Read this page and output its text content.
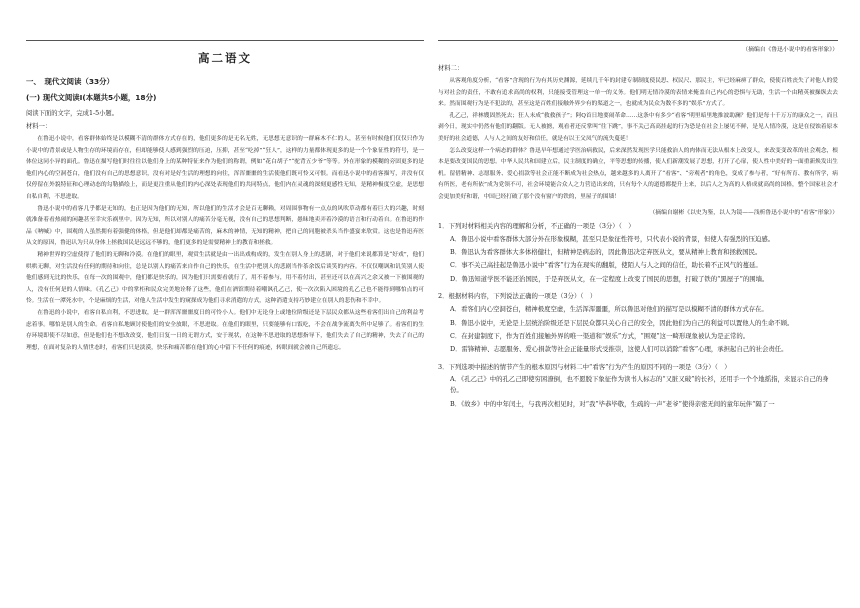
高二语文
一、　现代文阅读（33分）
(一) 现代文阅读Ⅰ(本题共5小题，18分)
阅读下面的文字，完成1-5小题。
材料一：

在鲁迅小说中，看客群体始终是以模糊不清的群体方式存在的，他们更多的是无名无姓，无思想无意识的一群麻木不仁的人，甚至有时候他们仅仅只作为小说中的背景或是人物生存的环境而存在，但却能够使人感到强烈的压迫，压抑，甚至“吃掉”“狂人”，这样的力量都体现更多的是一个个象征性的符号，是一体位这同小异的面孔。鲁迅在描写他们时往往以他们身上的某种特征来作为他们的称谓，例如“花白胡子”“驼背五少爷”等等。外在形象的模糊的旁固更多的是他们内心的空洞苍白，他们没有自己的思想意识，没有对是好生活的理想的向往，浑浑噩噩的生活使他们既可怜又可恨。而看迅小说中的看客描写，并没有仅仅停留在外貌特征和心理动态的勾勒描绘上，而是更注重从他们的内心深处表现他们的共同特点，他们内在灵魂的深刻更感性无知，是精神极度空虚，是思想自私自利，不思进取。

鲁迅小说中的看客几乎都是无知的，也正是因为他们的无知，所以他们的生活才会是百无聊赖，对周围事物有一点点的风吹草动都有着巨大的兴趣，时刻就准备着看热闹的闲趣甚至幸灾乐祸里中。因为无知，所以对别人的痛苦分毫无视，没有自己的思想判断，愚昧地卖弄着冷漠的语言和行动着自。在鲁迅的作品《呐喊》中，围观的人虽然拥有着强健的体格，但是他们却都是痛苦的，麻木的神情，无知的精神，把自己的同胞被杀头当作盛宴来欣赏。这也是鲁迅弃医从文的原因，鲁迅认为只从身体上拯救国民是远远不够的，他们更多的是需要精神上的教育和拯救。

精神世界的空虚使得了他们的无聊和冷漠。在他们的眼里，观赏生活就是由一出出戏构成的，发生在别人身上的悲剧，对于他们来说都算是“好戏”，他们哄哄无聊，对生活没有任何的期待和向往，总是以别人的痛苦来自作自己的快乐，在生活中把别人的悲剧当作茶余饭后谈笑的内容。不仅仅嘲讽和讥笑别人使他们感到无比的快乐，在每一次的围观中，他们都是快乐的，因为他们只需要看就行了，用不着参与，用不着付出，甚至还可以在高兴之余又被一下被围观的人，没有任何是的人情味。《孔乙己》中的掌柜和民众完美地诠释了这些，他们在酒馆期待着嘲讽孔乙己，使一次次陷入困境的孔乙己也不能得到哪怕点的可怜。生活在一潭死水中，个是麻烦的生活，对他人生活中发生的窥探成为他们寻求消遣的方式，这种消遣支持巧妙建立在别人的悲伤和不幸中。

在鲁迅的小说中，看客自私自利，不思进取，是一群浑浑噩噩度日的可怜小人。他们中无论身上或地位阶级还是下层民众都从这些看客们出自己的利益考虑着事。哪怕是别人的生命。看客自私地顾讨使他们的安全放眼，不思进取。在他们的眼里，只要能够有口饭吃，不会在战争流离失所中足够了。看客们的生存环境即使不尽如意，但是他们也不想改改变，他们日复一日的无谓方式，安于现状，在这种不思进取的思想指导下，他们失去了自己的精神，失去了自己的理想，在面对复杂的人情世态时，看客们只是淡漠，快乐和痛苦都在他们的心中留下不任何的痕迹，转眼间就会被自己所遗忘。

（摘编自《鲁迅小说中的看客形象》）
材料二：

从客观角度分析，“看客”含现的行为有其历史渊源，延续几千年的封建专制制度使民思、权民尺、那民主，牢已经麻痹了群众，使使百姓丧失了对他人的爱与对社会的责任，不敢有追求高尚的权利，只能接受管理这一单一的义务。他们明无情冷漠的表情来掩盖自己内心的恐惧与无助，生活一个由精英被操纵去去来。然而围观行为是不犯法的，甚至这是百姓们接触外界少有的渠道之一，也就成为民众为数不多的“娱乐”方式了。

孔乙己，祥林嫂固然死去；狂人未成“救救孩子”；阿Q首日地要闹革命……这条中有多少“看客”明里暗里地推波助澜？他们是每十千万万的康众之一，而且剥今日，现实中仍然有他们的翻版。无人被掳，观看者还反掌叫“往下跳”，事不关己高高挂起的行为恐是在社会上屡见不鲜，是见人情冷漠，这是在侵蚀着原本美好的社会道德，人与人之间的友好和信任，就是有以王父凤气的流失蔓延！

怎么改变这样一个病态的群体？鲁迅早年想通过学医治病救民，后来深然发现医学只能救治人的肉体而无法从根本上改变人，来改变变改革的社会观念，根本是要改变国民的思想。中华人民共和国建立后，民主制度的确立，平等思想的传播，使人们新潮发展了思想，打开了心扉，使人性中美好的一面重新焕发出生机。留借精神、志愿服务、爱心捐款等社会正能不断成为社会热点，越来越多的人离开了“看客”、“旁观者”的角色，变成了参与者，“好有所育、教有所学，病有所医，老有所依”成为党领不可，社会环境能合众人之力营造出来的，只有每个人的道德都提升上来，以后人之为高的人格成就高尚的国格，整个国家社会才会更加美好和谐，中国已经打破了那个没有窗户的铁的，里屋子的围墙！

（摘编自谢彬《以史为鉴，以人为镜——浅析鲁迅小说中的“看客”形象》）
1．下列对材料相关内容的理解和分析，不正确的一项是（3分）（　）
A．鲁迅小说中看客群体大部分外在形象模糊，甚至只是象征性符号，只代表小说的背景，但使人有强烈的压迫感。
B．鲁迅认为看客群体大多体格健壮，但精神是病态的，因此鲁迅决定弃医从文，要从精神上教育和拯救国民。
C．事不关己高挂起是鲁迅小说中“看客”行为在现实的翻版，使陌人与人之间的信任，助长着不正风气的蔓延。
D．鲁迅知道学医不能还治国民，于是弃医从文，在一定程度上改变了国民的思想，打破了铁的“黑屋子”的围墙。
2．根据材料内容，下列说法正确的一项是（3分）（　）
A．看客们内心空洞苍白，精神极度空虚，生活浑浑噩噩，所以鲁迅对他们的描写是以模糊不清的群体方式存在。
B．鲁迅小说中，无论是上层统治阶级还是下层民众都只关心自己的安全，因此他们为自己的利益可以置他人的生命不顾。
C．在封建制度下，作为百姓们接触外界的唯一渠道和“娱乐”方式，“围观”这一畸形现象被认为是正常的。
D．雷锋精神、志愿服务、爱心捐款等社会正能量形式受推崇，这使人们可以消除“看客”心理，承担起自己的社会责任。
3．下列选项中描述的情节产生的根本原因与材料二中“看客”行为产生的原因不同的一项是（3分）（　）
A．《孔乙己》中的孔乙己即使穷困潦倒，也不愿脱下象征作为读书人标志的“又脏又破”的长衫，还用手一个个地摇指，来显示自己的身份。
B．《故乡》中的中年闰土，与我再次相见时，对“我”毕恭毕敬，生疏的一声“老爷”使得亲密无间的童年玩伴“隔了一
